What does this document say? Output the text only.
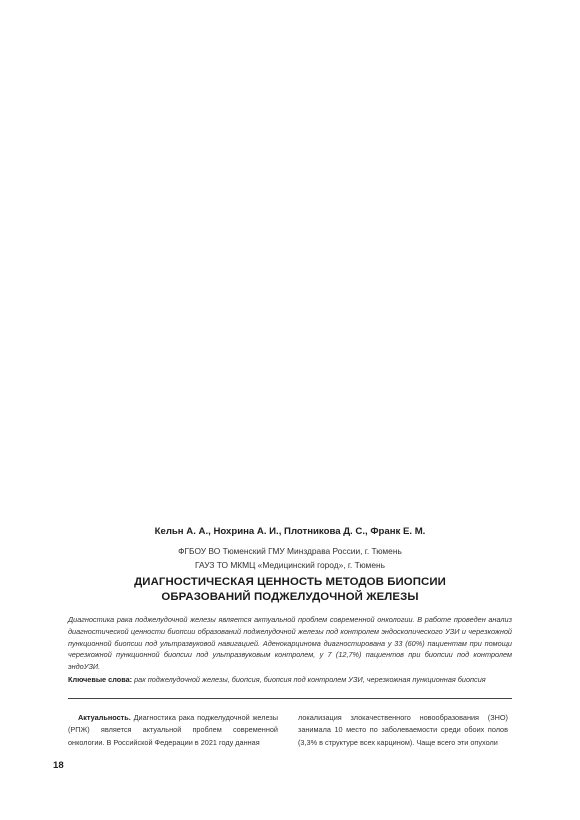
Кельн А. А., Нохрина А. И., Плотникова Д. С., Франк Е. М.
ФГБОУ ВО Тюменский ГМУ Минздрава России, г. Тюмень
ГАУЗ ТО МКМЦ «Медицинский город», г. Тюмень
ДИАГНОСТИЧЕСКАЯ ЦЕННОСТЬ МЕТОДОВ БИОПСИИ
ОБРАЗОВАНИЙ ПОДЖЕЛУДОЧНОЙ ЖЕЛЕЗЫ
Диагностика рака поджелудочной железы является актуальной проблем современной онкологии. В работе проведен анализ диагностической ценности биопсии образований поджелудочной железы под контролем эндоскопического УЗИ и черезкожной пункционной биопсии под ультразвуковой навигацией. Аденокарцинома диагностирована у 33 (60%) пациентам при помощи черезкожной пункционной биопсии под ультразвуковым контролем, у 7 (12,7%) пациентов при биопсии под контролем эндоУЗИ.
Ключевые слова: рак поджелудочной железы, биопсия, биопсия под контролем УЗИ, черезкожная пункционная биопсия
Актуальность. Диагностика рака поджелудочной железы (РПЖ) является актуальной проблем современной онкологии. В Российской Федерации в 2021 году данная
локализация злокачественного новообразования (ЗНО) занимала 10 место по заболеваемости среди обоих полов (3,3% в структуре всех карцином). Чаще всего эти опухоли
18
